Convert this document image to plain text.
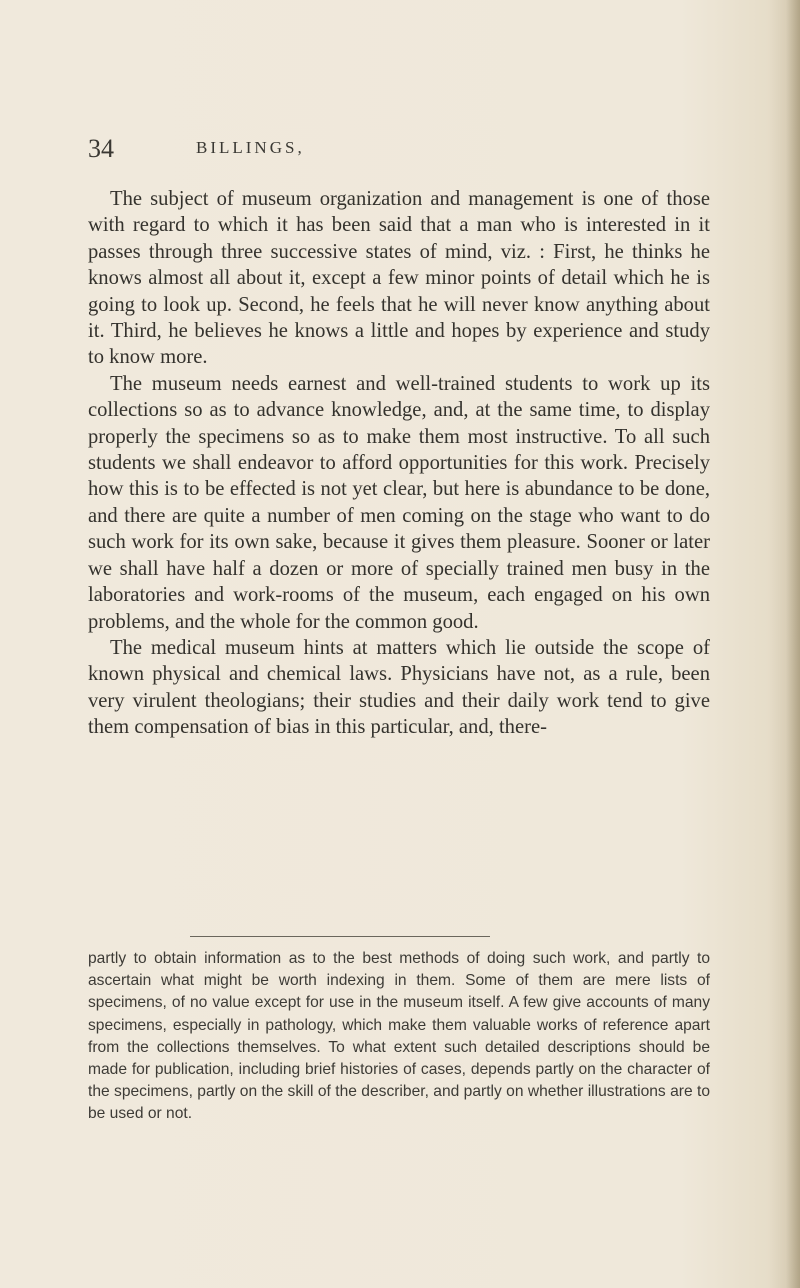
34	BILLINGS,

The subject of museum organization and management is one of those with regard to which it has been said that a man who is interested in it passes through three successive states of mind, viz. : First, he thinks he knows almost all about it, except a few minor points of detail which he is going to look up. Second, he feels that he will never know anything about it. Third, he believes he knows a little and hopes by experience and study to know more.

The museum needs earnest and well-trained students to work up its collections so as to advance knowledge, and, at the same time, to display properly the specimens so as to make them most instructive. To all such students we shall endeavor to afford opportunities for this work. Precisely how this is to be effected is not yet clear, but here is abundance to be done, and there are quite a number of men coming on the stage who want to do such work for its own sake, because it gives them pleasure. Sooner or later we shall have half a dozen or more of specially trained men busy in the laboratories and work-rooms of the museum, each engaged on his own problems, and the whole for the common good.

The medical museum hints at matters which lie outside the scope of known physical and chemical laws. Physicians have not, as a rule, been very virulent theologians; their studies and their daily work tend to give them compensation of bias in this particular, and, there-

partly to obtain information as to the best methods of doing such work, and partly to ascertain what might be worth indexing in them. Some of them are mere lists of specimens, of no value except for use in the museum itself. A few give accounts of many specimens, especially in pathology, which make them valuable works of reference apart from the collections themselves. To what extent such detailed descriptions should be made for publication, including brief histories of cases, depends partly on the character of the specimens, partly on the skill of the describer, and partly on whether illustrations are to be used or not.
